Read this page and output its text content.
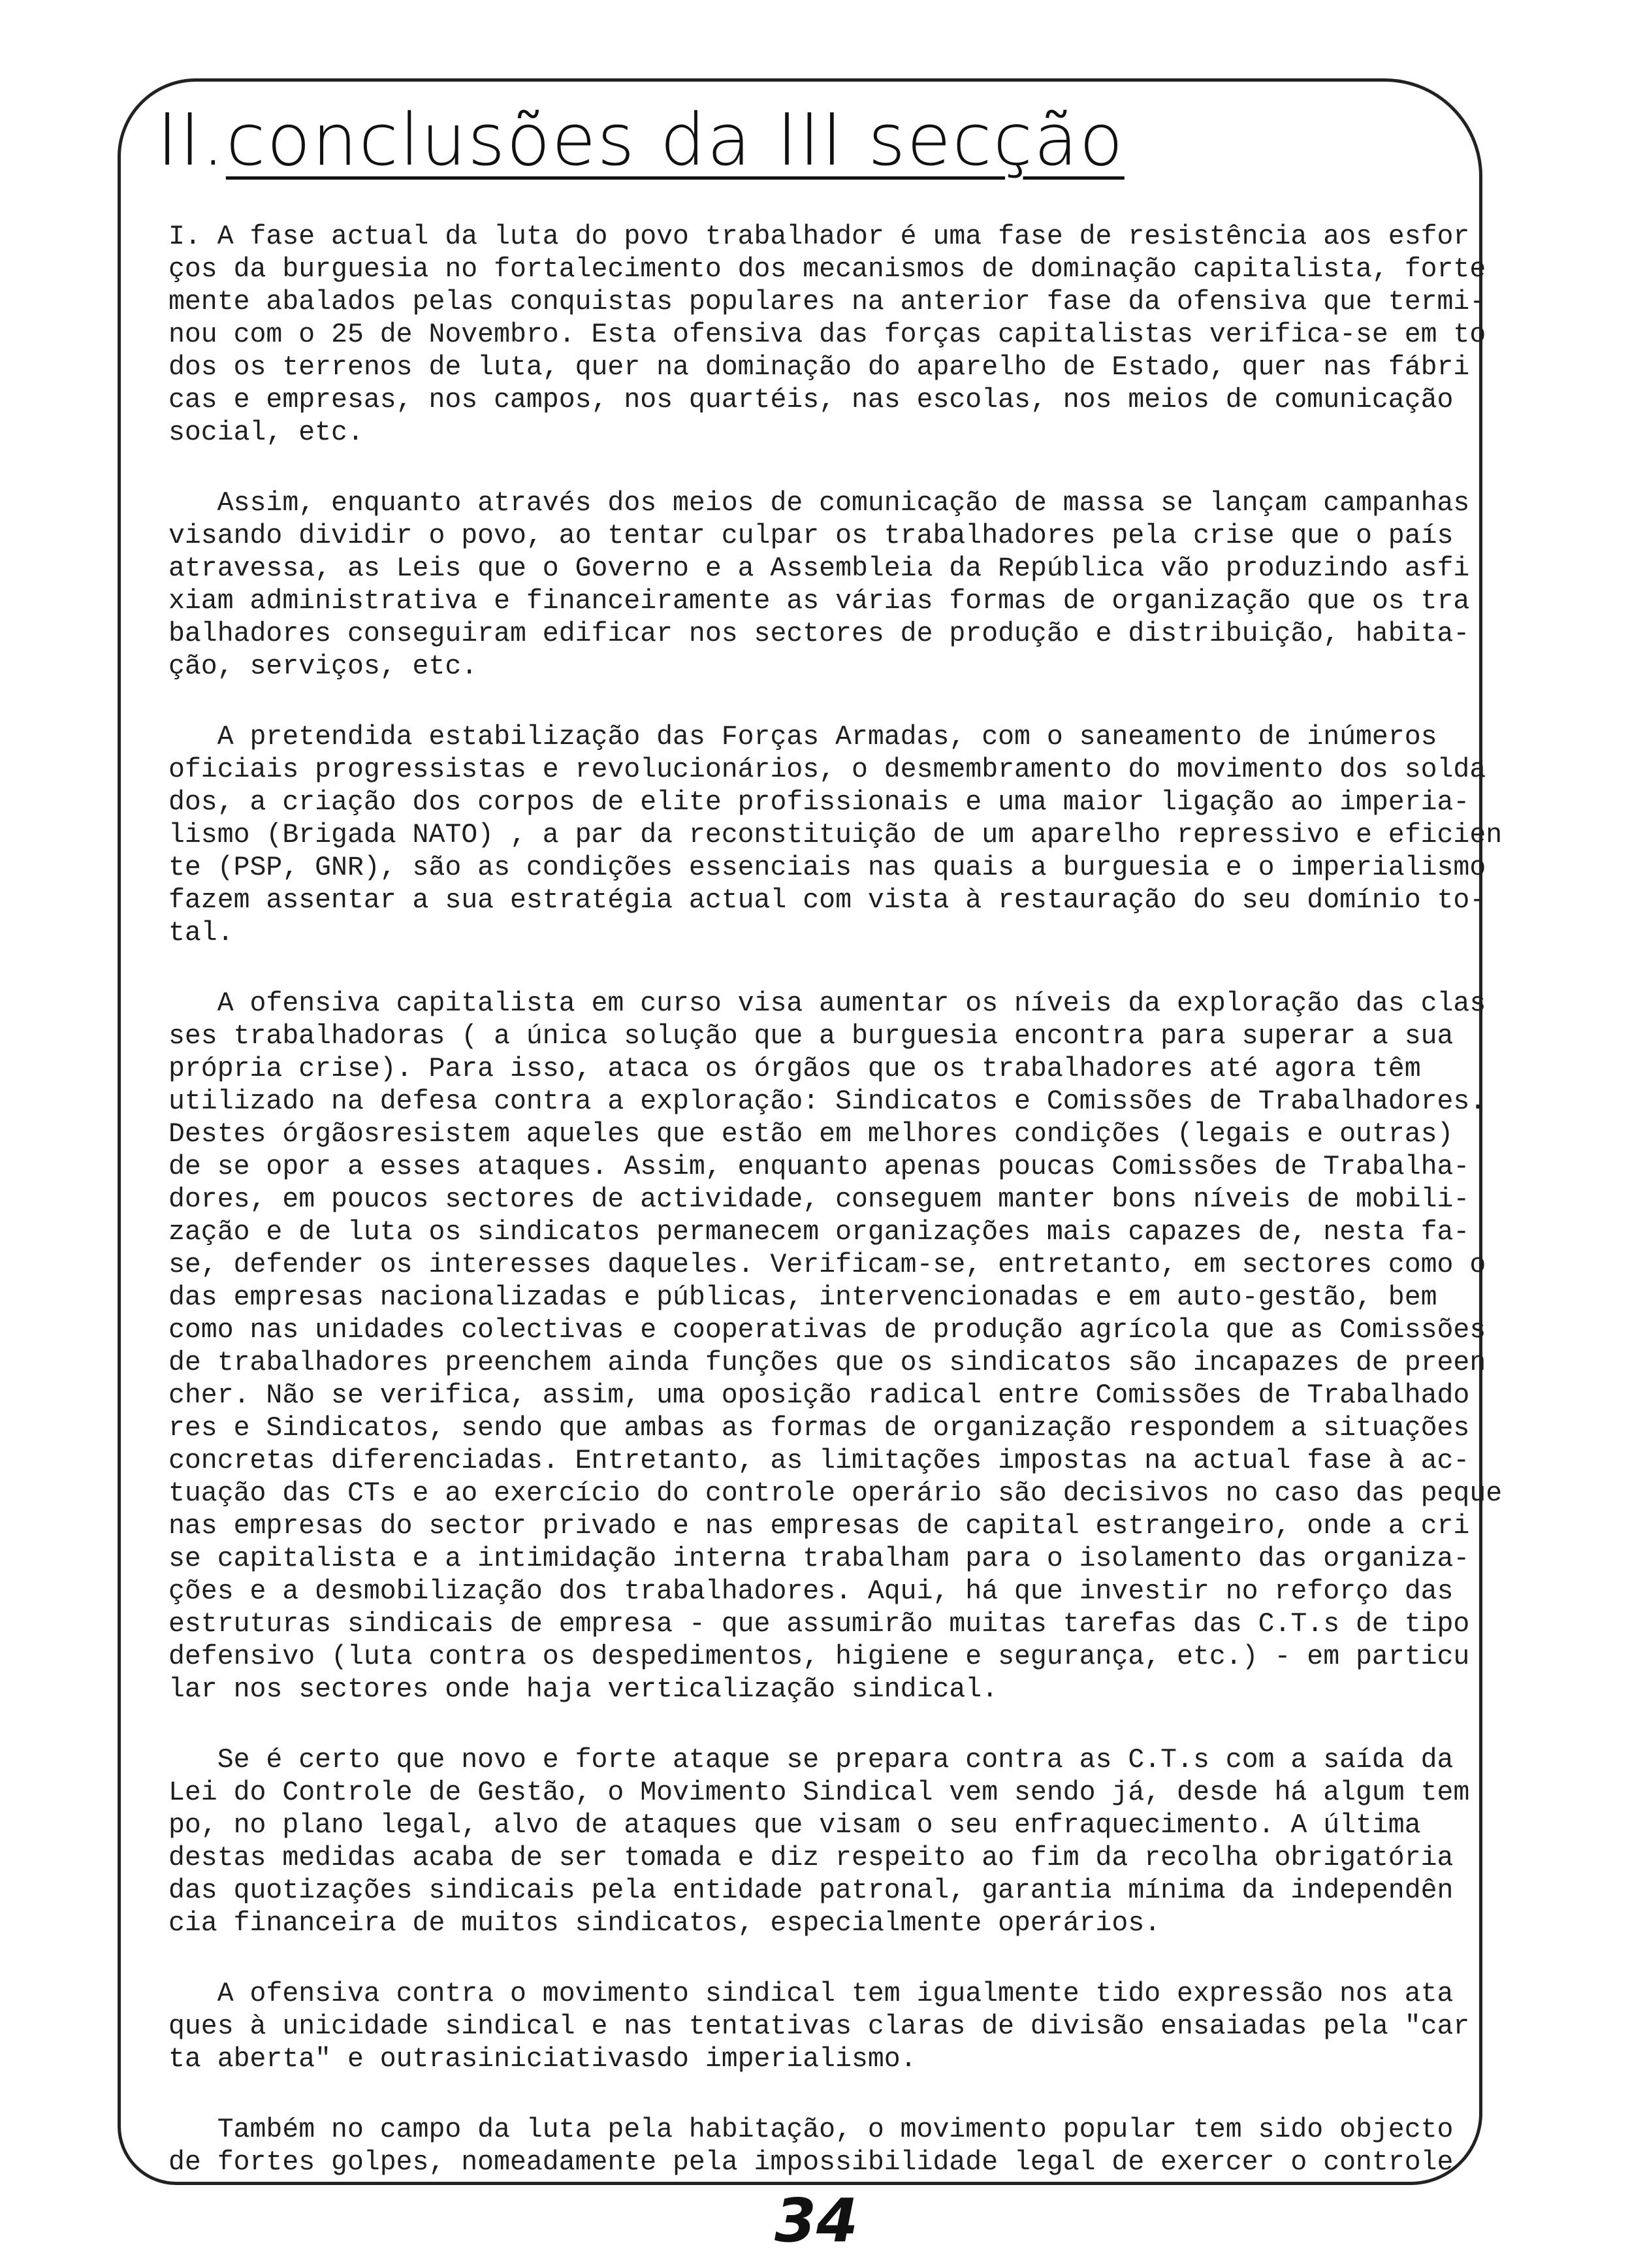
II.conclusões da III secção
I. A fase actual da luta do povo trabalhador é uma fase de resistência aos esfor
ços da burguesia no fortalecimento dos mecanismos de dominação capitalista, forte
mente abalados pelas conquistas populares na anterior fase da ofensiva que termi-
nou com o 25 de Novembro. Esta ofensiva das forças capitalistas verifica-se em to
dos os terrenos de luta, quer na dominação do aparelho de Estado, quer nas fábri
cas e empresas, nos campos, nos quartéis, nas escolas, nos meios de comunicação
social, etc.
Assim, enquanto através dos meios de comunicação de massa se lançam campanhas
visando dividir o povo, ao tentar culpar os trabalhadores pela crise que o país
atravessa, as Leis que o Governo e a Assembleia da República vão produzindo asfi
xiam administrativa e financeiramente as várias formas de organização que os tra
balhadores conseguiram edificar nos sectores de produção e distribuição, habita-
ção, serviços, etc.
A pretendida estabilização das Forças Armadas, com o saneamento de inúmeros
oficiais progressistas e revolucionários, o desmembramento do movimento dos solda
dos, a criação dos corpos de elite profissionais e uma maior ligação ao imperia-
lismo (Brigada NATO) , a par da reconstituição de um aparelho repressivo e eficien
te (PSP, GNR), são as condições essenciais nas quais a burguesia e o imperialismo
fazem assentar a sua estratégia actual com vista à restauração do seu domínio to-
tal.
A ofensiva capitalista em curso visa aumentar os níveis da exploração das clas
ses trabalhadoras ( a única solução que a burguesia encontra para superar a sua
própria crise). Para isso, ataca os órgãos que os trabalhadores até agora têm
utilizado na defesa contra a exploração: Sindicatos e Comissões de Trabalhadores.
Destes órgãosresistem aqueles que estão em melhores condições (legais e outras)
de se opor a esses ataques. Assim, enquanto apenas poucas Comissões de Trabalha-
dores, em poucos sectores de actividade, conseguem manter bons níveis de mobili-
zação e de luta os sindicatos permanecem organizações mais capazes de, nesta fa-
se, defender os interesses daqueles. Verificam-se, entretanto, em sectores como o
das empresas nacionalizadas e públicas, intervencionadas e em auto-gestão, bem
como nas unidades colectivas e cooperativas de produção agrícola que as Comissões
de trabalhadores preenchem ainda funções que os sindicatos são incapazes de preen
cher. Não se verifica, assim, uma oposição radical entre Comissões de Trabalhado
res e Sindicatos, sendo que ambas as formas de organização respondem a situações
concretas diferenciadas. Entretanto, as limitações impostas na actual fase à ac-
tuação das CTs e ao exercício do controle operário são decisivos no caso das peque
nas empresas do sector privado e nas empresas de capital estrangeiro, onde a cri
se capitalista e a intimidação interna trabalham para o isolamento das organiza-
ções e a desmobilização dos trabalhadores. Aqui, há que investir no reforço das
estruturas sindicais de empresa - que assumirão muitas tarefas das C.T.s de tipo
defensivo (luta contra os despedimentos, higiene e segurança, etc.) - em particu
lar nos sectores onde haja verticalização sindical.
Se é certo que novo e forte ataque se prepara contra as C.T.s com a saída da
Lei do Controle de Gestão, o Movimento Sindical vem sendo já, desde há algum tem
po, no plano legal, alvo de ataques que visam o seu enfraquecimento. A última
destas medidas acaba de ser tomada e diz respeito ao fim da recolha obrigatória
das quotizações sindicais pela entidade patronal, garantia mínima da independên
cia financeira de muitos sindicatos, especialmente operários.
A ofensiva contra o movimento sindical tem igualmente tido expressão nos ata
ques à unicidade sindical e nas tentativas claras de divisão ensaiadas pela "car
ta aberta" e outrasiniciativasdo imperialismo.
Também no campo da luta pela habitação, o movimento popular tem sido objecto
de fortes golpes, nomeadamente pela impossibilidade legal de exercer o controle
34
